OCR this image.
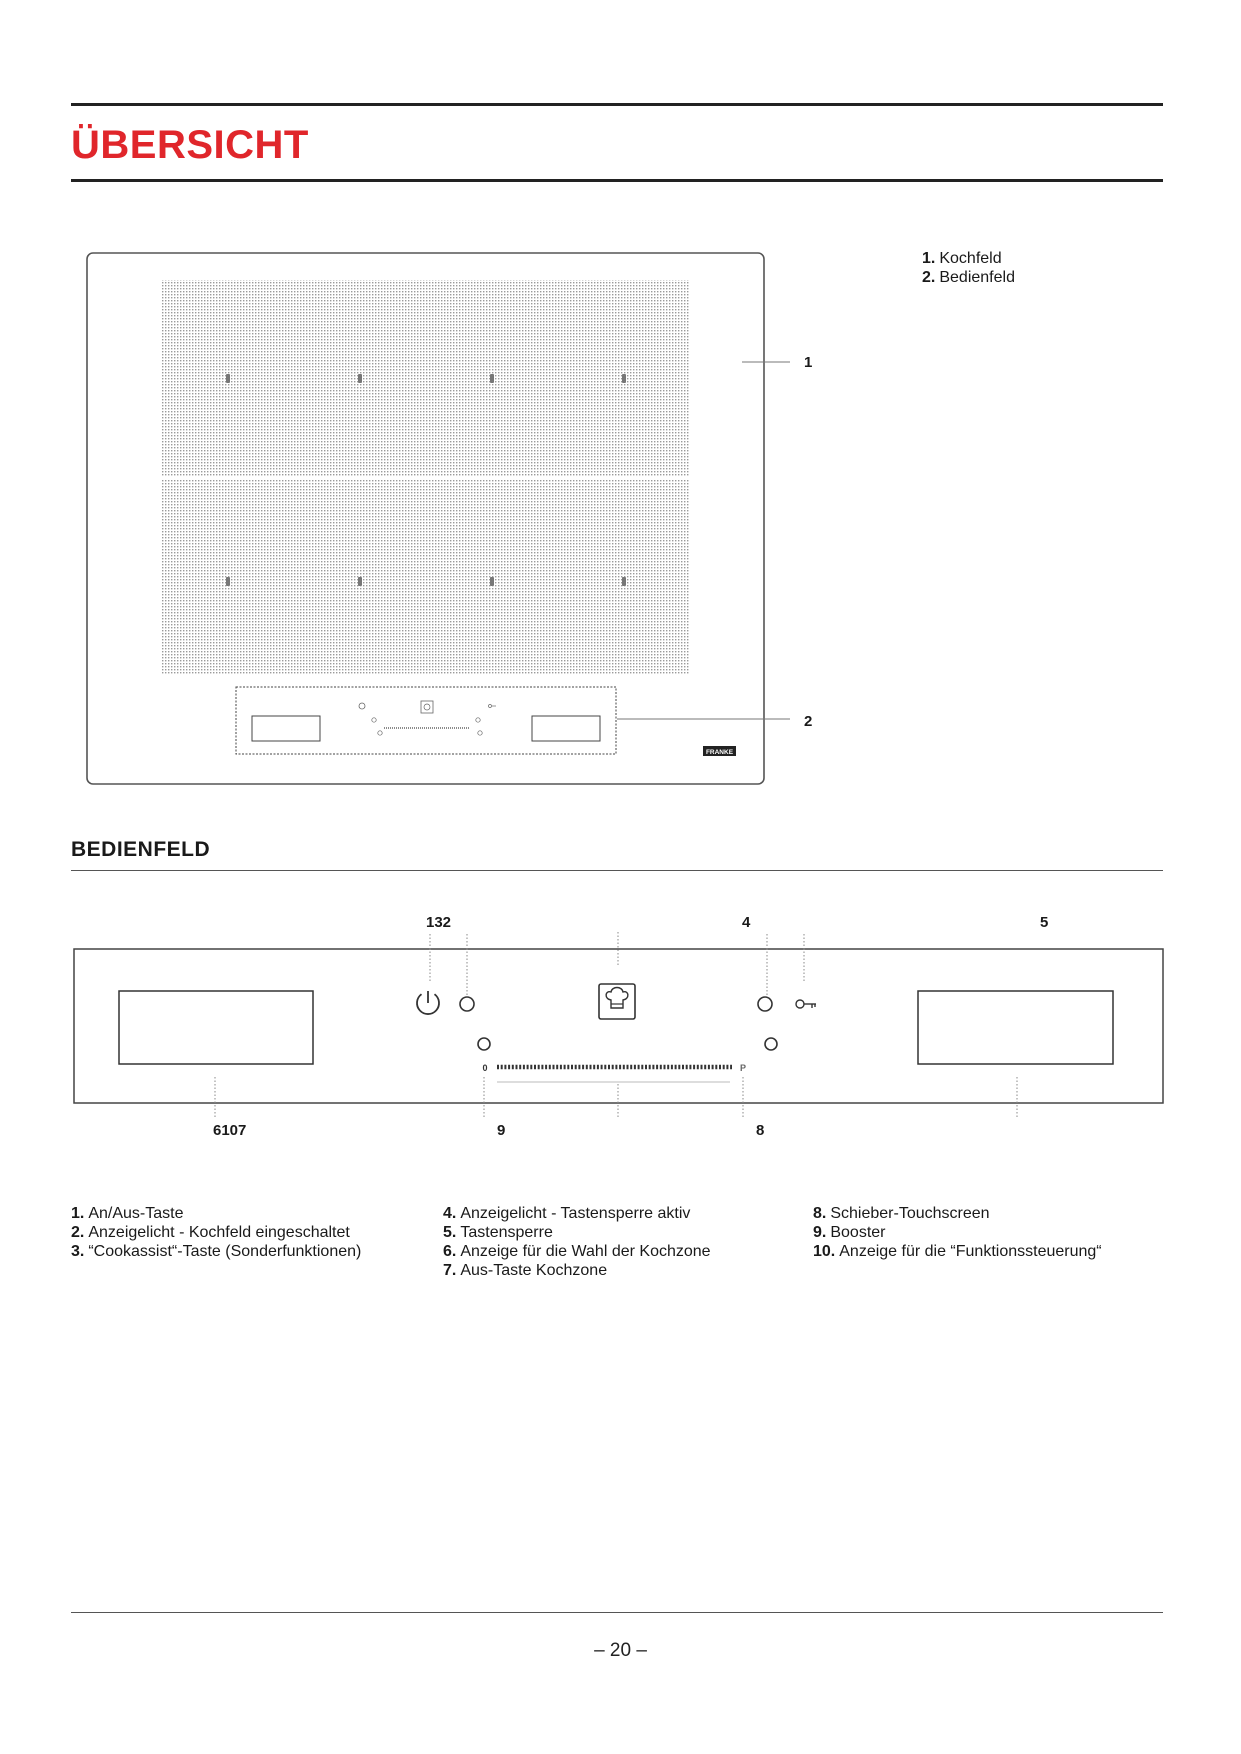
ÜBERSICHT
FRANKE
0	P
1. Kochfeld
2. Bedienfeld
1
2
BEDIENFELD
132	4	5
6107	9	8
1. An/Aus-Taste
2. Anzeigelicht - Kochfeld eingeschaltet
3. “Cookassist“-Taste (Sonderfunktionen)
4. Anzeigelicht - Tastensperre aktiv
5. Tastensperre
6. Anzeige für die Wahl der Kochzone
7. Aus-Taste Kochzone
8. Schieber-Touchscreen
9. Booster
10. Anzeige für die “Funktionssteuerung“
– 20 –
